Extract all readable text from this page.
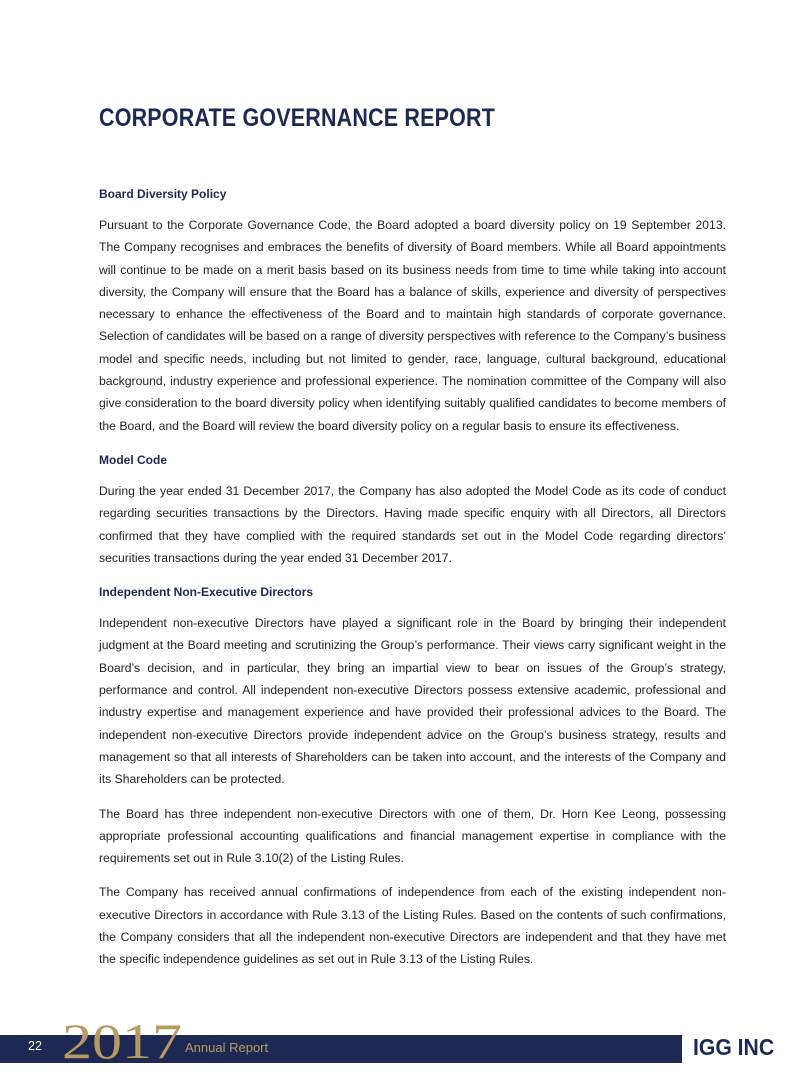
CORPORATE GOVERNANCE REPORT
Board Diversity Policy

Pursuant to the Corporate Governance Code, the Board adopted a board diversity policy on 19 September 2013. The Company recognises and embraces the benefits of diversity of Board members. While all Board appointments will continue to be made on a merit basis based on its business needs from time to time while taking into account diversity, the Company will ensure that the Board has a balance of skills, experience and diversity of perspectives necessary to enhance the effectiveness of the Board and to maintain high standards of corporate governance. Selection of candidates will be based on a range of diversity perspectives with reference to the Company’s business model and specific needs, including but not limited to gender, race, language, cultural background, educational background, industry experience and professional experience. The nomination committee of the Company will also give consideration to the board diversity policy when identifying suitably qualified candidates to become members of the Board, and the Board will review the board diversity policy on a regular basis to ensure its effectiveness.

Model Code

During the year ended 31 December 2017, the Company has also adopted the Model Code as its code of conduct regarding securities transactions by the Directors. Having made specific enquiry with all Directors, all Directors confirmed that they have complied with the required standards set out in the Model Code regarding directors’ securities transactions during the year ended 31 December 2017.

Independent Non-Executive Directors

Independent non-executive Directors have played a significant role in the Board by bringing their independent judgment at the Board meeting and scrutinizing the Group’s performance. Their views carry significant weight in the Board’s decision, and in particular, they bring an impartial view to bear on issues of the Group’s strategy, performance and control. All independent non-executive Directors possess extensive academic, professional and industry expertise and management experience and have provided their professional advices to the Board. The independent non-executive Directors provide independent advice on the Group’s business strategy, results and management so that all interests of Shareholders can be taken into account, and the interests of the Company and its Shareholders can be protected.

The Board has three independent non-executive Directors with one of them, Dr. Horn Kee Leong, possessing appropriate professional accounting qualifications and financial management expertise in compliance with the requirements set out in Rule 3.10(2) of the Listing Rules.

The Company has received annual confirmations of independence from each of the existing independent non-executive Directors in accordance with Rule 3.13 of the Listing Rules. Based on the contents of such confirmations, the Company considers that all the independent non-executive Directors are independent and that they have met the specific independence guidelines as set out in Rule 3.13 of the Listing Rules.

22 2017 Annual Report	IGG INC
